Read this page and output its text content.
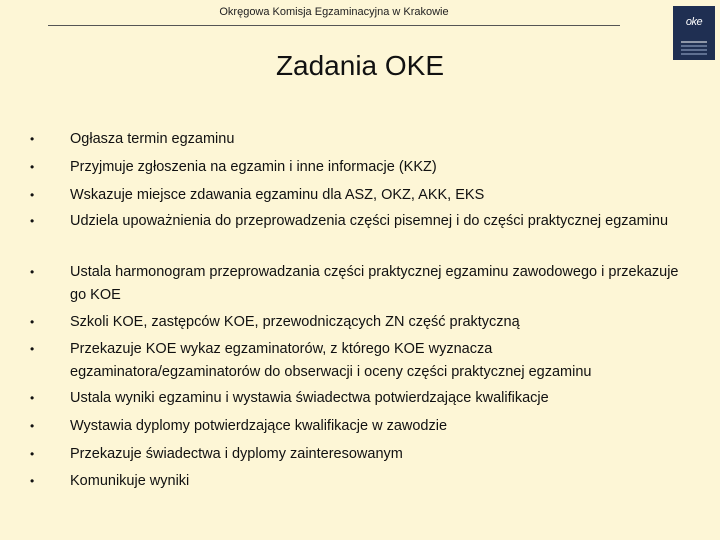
Okręgowa Komisja Egzaminacyjna w Krakowie
oke
Zadania OKE
• Ogłasza termin egzaminu
• Przyjmuje zgłoszenia na egzamin i inne informacje (KKZ)
• Wskazuje miejsce zdawania egzaminu dla ASZ, OKZ, AKK, EKS
• Udziela upoważnienia do przeprowadzenia części pisemnej i do części praktycznej egzaminu
• Ustala harmonogram przeprowadzania części praktycznej egzaminu zawodowego i przekazuje go KOE
• Szkoli KOE, zastępców KOE, przewodniczących ZN część praktyczną
• Przekazuje KOE wykaz egzaminatorów, z którego KOE wyznacza egzaminatora/egzaminatorów do obserwacji i oceny części praktycznej egzaminu
• Ustala wyniki egzaminu i wystawia świadectwa potwierdzające kwalifikacje
• Wystawia dyplomy potwierdzające kwalifikacje w zawodzie
• Przekazuje świadectwa i dyplomy zainteresowanym
• Komunikuje wyniki
